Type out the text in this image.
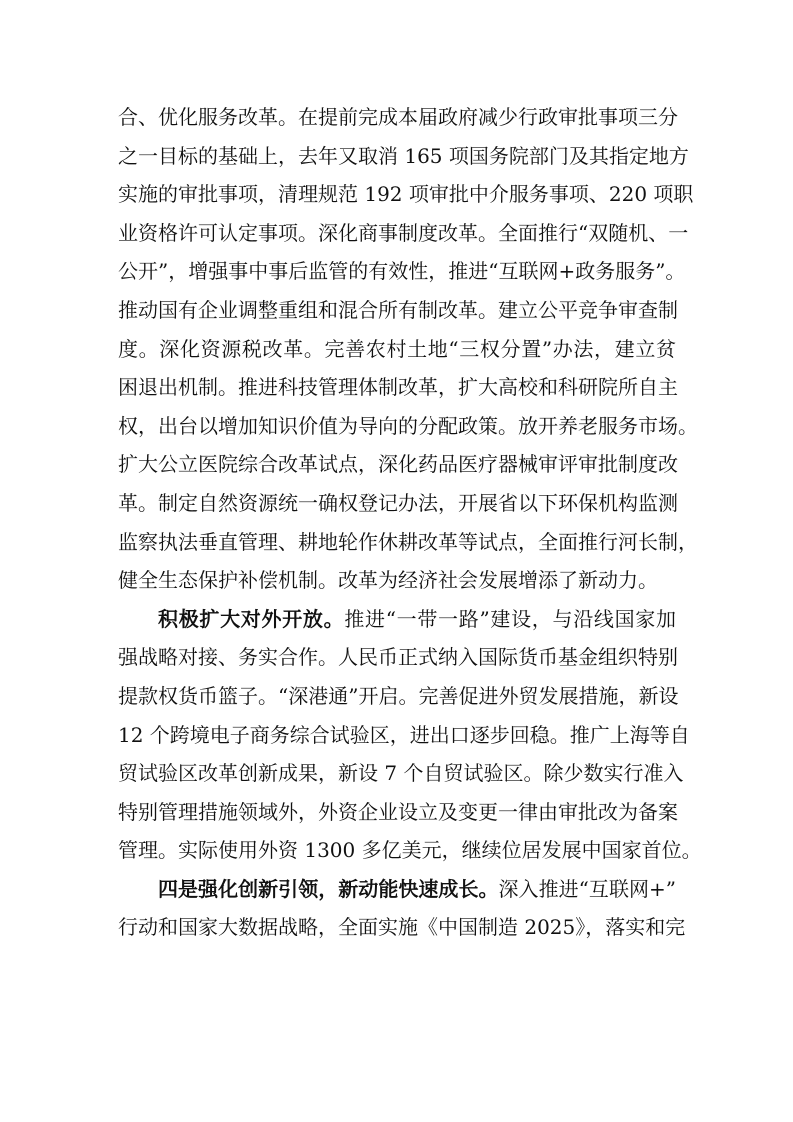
合、优化服务改革。在提前完成本届政府减少行政审批事项三分
之一目标的基础上，去年又取消 165 项国务院部门及其指定地方
实施的审批事项，清理规范 192 项审批中介服务事项、220 项职
业资格许可认定事项。深化商事制度改革。全面推行“双随机、一
公开”，增强事中事后监管的有效性，推进“互联网+政务服务”。
推动国有企业调整重组和混合所有制改革。建立公平竞争审查制
度。深化资源税改革。完善农村土地“三权分置”办法，建立贫
困退出机制。推进科技管理体制改革，扩大高校和科研院所自主
权，出台以增加知识价值为导向的分配政策。放开养老服务市场。
扩大公立医院综合改革试点，深化药品医疗器械审评审批制度改
革。制定自然资源统一确权登记办法，开展省以下环保机构监测
监察执法垂直管理、耕地轮作休耕改革等试点，全面推行河长制，
健全生态保护补偿机制。改革为经济社会发展增添了新动力。
积极扩大对外开放。推进“一带一路”建设，与沿线国家加
强战略对接、务实合作。人民币正式纳入国际货币基金组织特别
提款权货币篮子。“深港通”开启。完善促进外贸发展措施，新设
12 个跨境电子商务综合试验区，进出口逐步回稳。推广上海等自
贸试验区改革创新成果，新设 7 个自贸试验区。除少数实行准入
特别管理措施领域外，外资企业设立及变更一律由审批改为备案
管理。实际使用外资 1300 多亿美元，继续位居发展中国家首位。
四是强化创新引领，新动能快速成长。深入推进“互联网+”
行动和国家大数据战略，全面实施《中国制造 2025》，落实和完
